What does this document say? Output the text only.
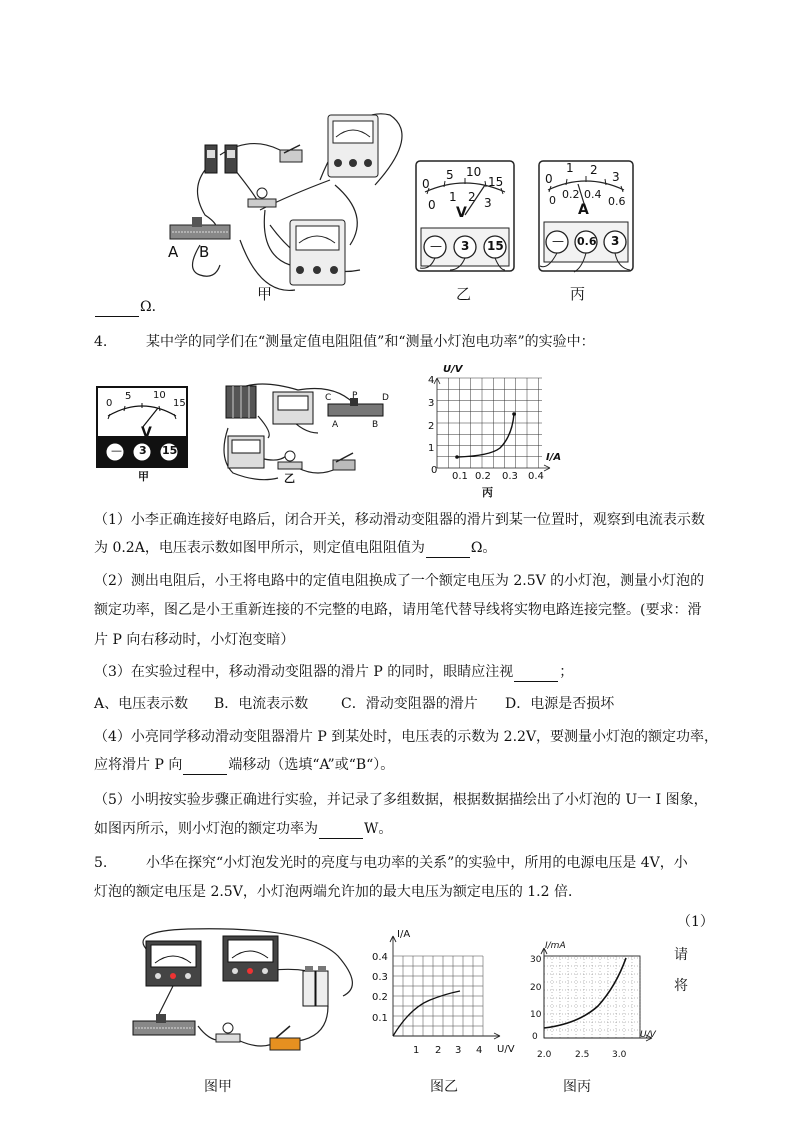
A B
甲
0
5 10
15
0
1 2 3
V
— 3 15
乙
0
1 2 3
0 0.2 0.4
0.6
A
— 0.6 3
丙
Ω．
4.	某中学的同学们在“测量定值电阻阻值”和“测量小灯泡电功率”的实验中：
0
5 10
15
V
— 3 15
甲
C P	D
A	B
乙
U/V
I/A
1
2
3
4
0
0.1 0.2 0.3 0.4
丙
（1）小李正确连接好电路后，闭合开关，移动滑动变阻器的滑片到某一位置时，观察到电流表示数
为 0.2A，电压表示数如图甲所示，则定值电阻阻值为	Ω。
（2）测出电阻后，小王将电路中的定值电阻换成了一个额定电压为 2.5V 的小灯泡，测量小灯泡的
额定功率，图乙是小王重新连接的不完整的电路，请用笔代替导线将实物电路连接完整。(要求：滑
片 P 向右移动时，小灯泡变暗）
（3）在实验过程中，移动滑动变阻器的滑片 P 的同时，眼睛应注视	；
A、电压表示数 B．电流表示数 C．滑动变阻器的滑片 D．电源是否损坏
（4）小亮同学移动滑动变阻器滑片 P 到某处时，电压表的示数为 2.2V，要测量小灯泡的额定功率，
应将滑片 P 向	端移动（选填“A”或“B“）。
（5）小明按实验步骤正确进行实验，并记录了多组数据，根据数据描绘出了小灯泡的 U一 I 图象，
如图丙所示，则小灯泡的额定功率为	W。
5.	小华在探究“小灯泡发光时的亮度与电功率的关系”的实验中，所用的电源电压是 4V，小
灯泡的额定电压是 2.5V，小灯泡两端允许加的最大电压为额定电压的 1.2 倍．
（1）
请
将
图甲
I/A
U/V
0.1
0.2
0.3
0.4
1 2 3 4
图乙
I/mA
U/V
0
10
20
30
2.0	2.5	3.0
图丙
